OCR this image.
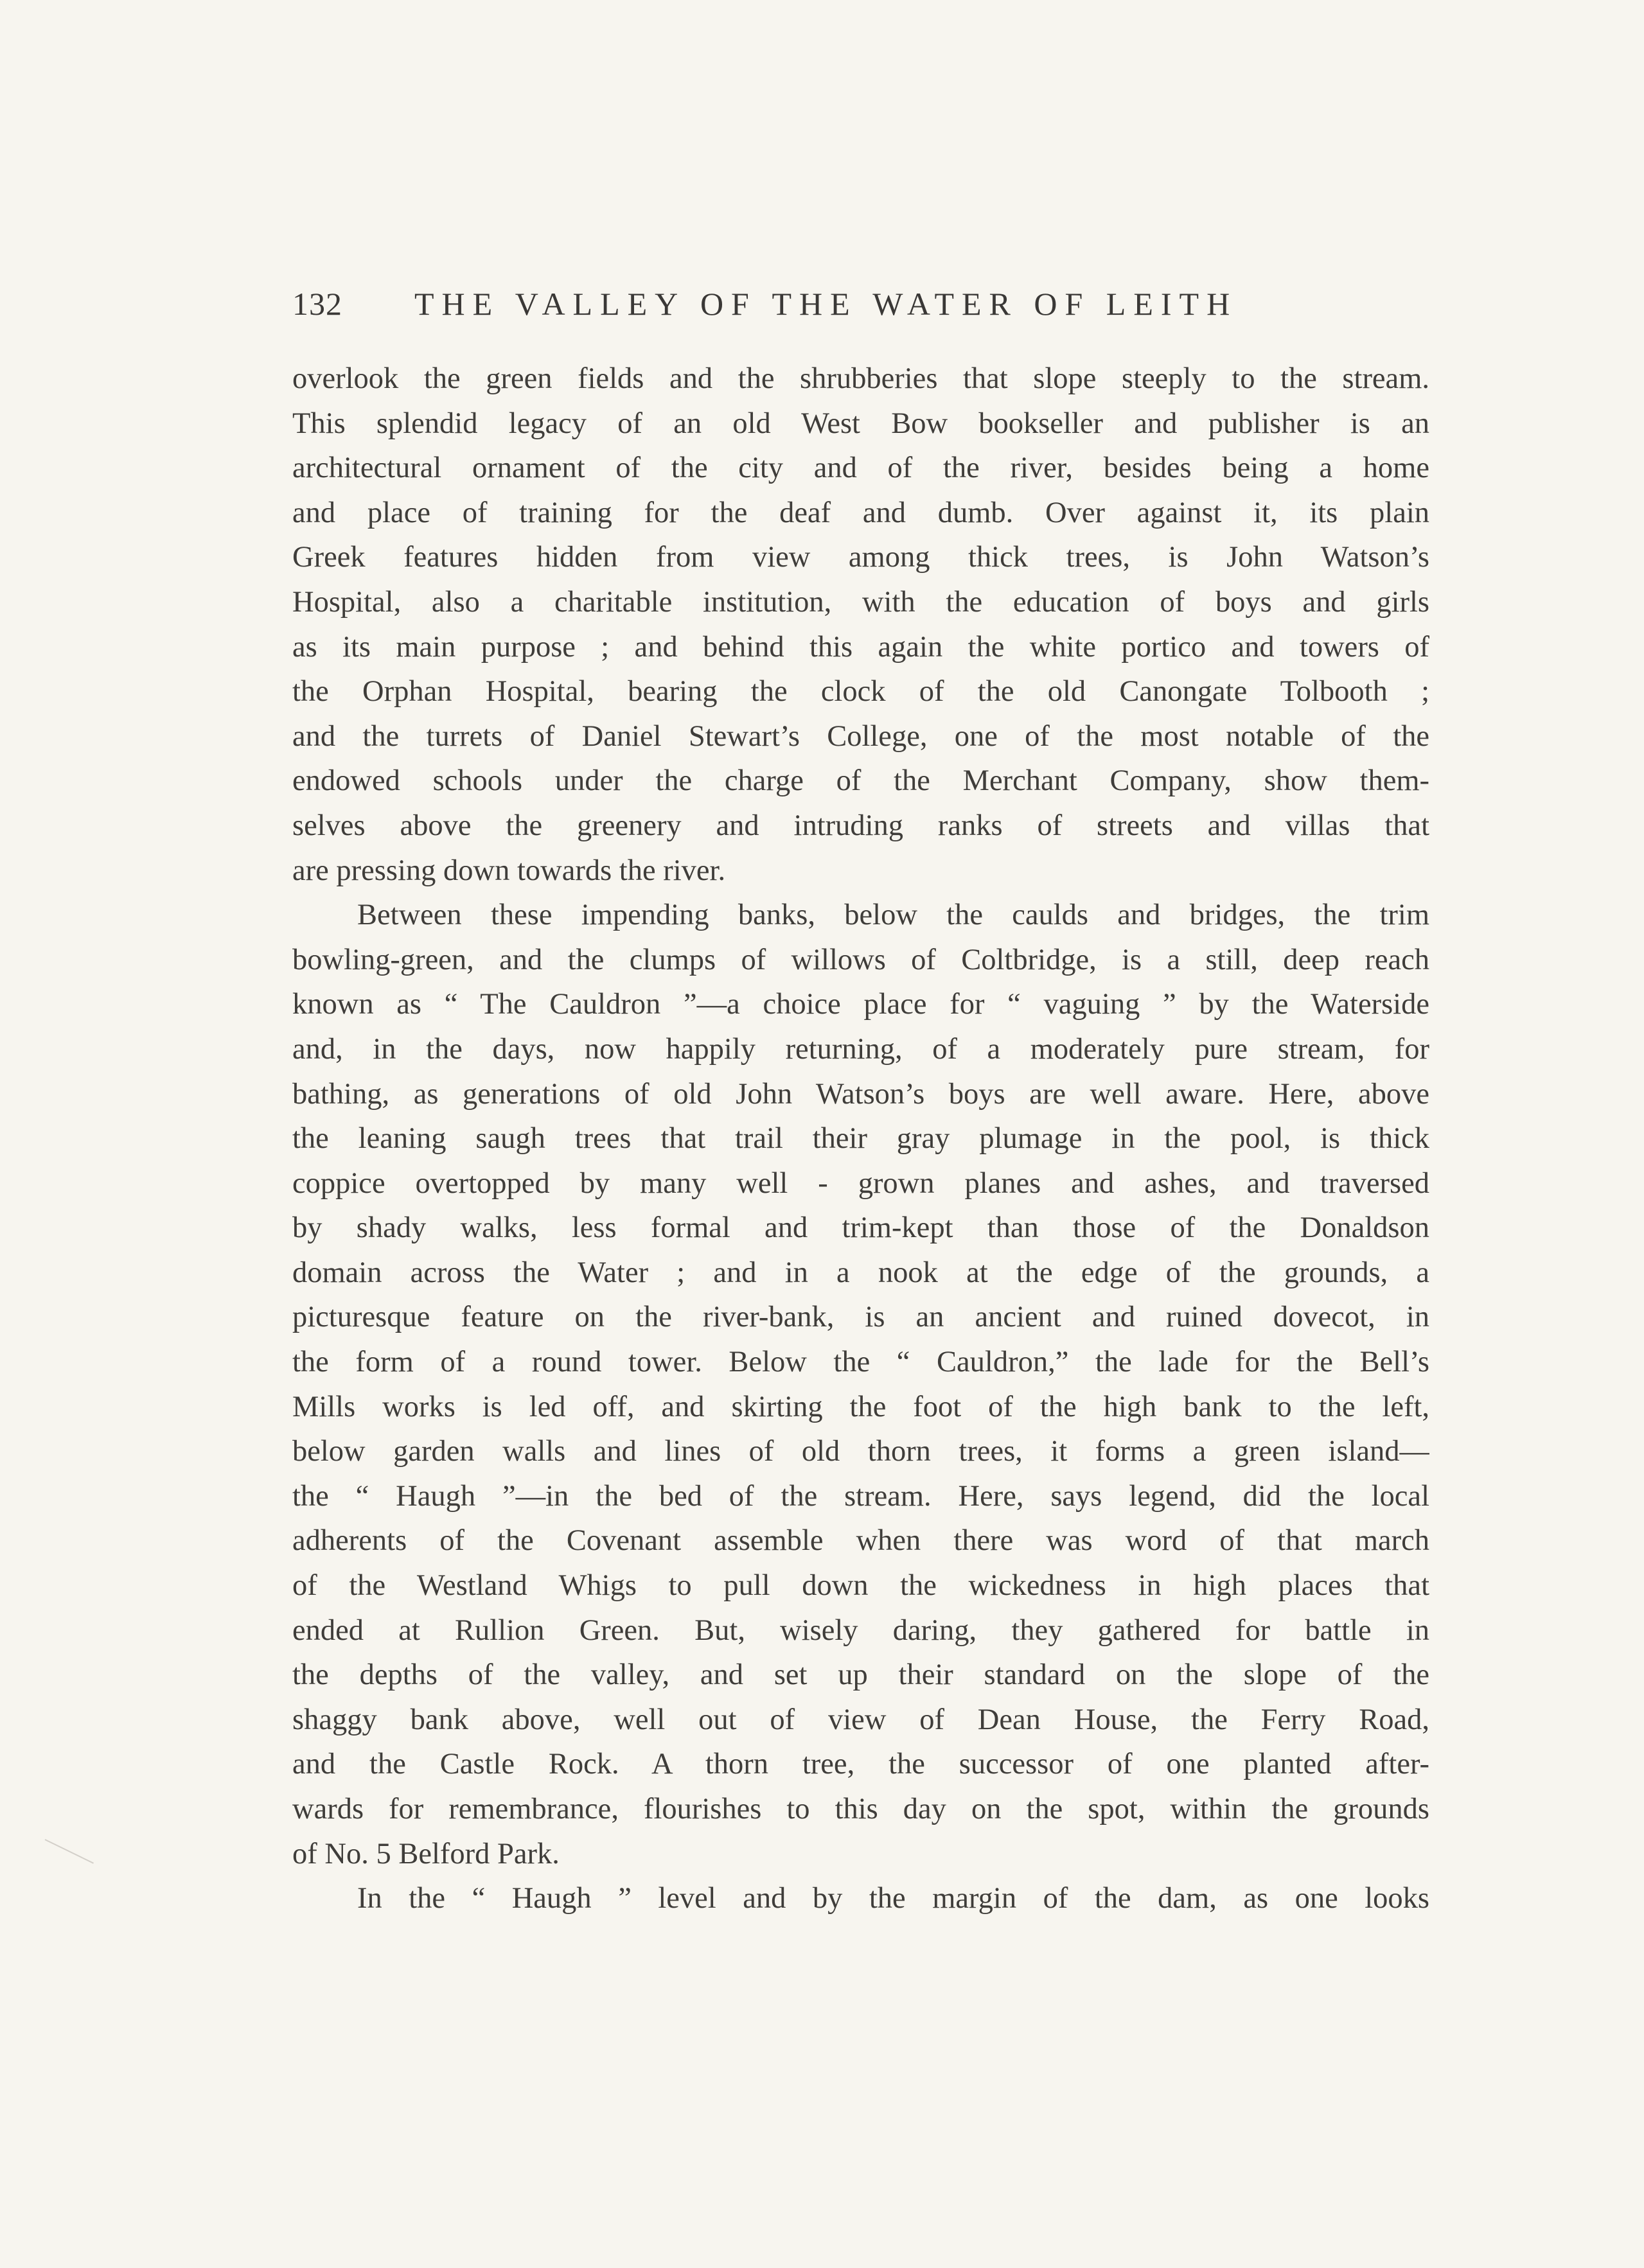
132 THE VALLEY OF THE WATER OF LEITH
overlook the green fields and the shrubberies that slope steeply to the stream.
This splendid legacy of an old West Bow bookseller and publisher is an
architectural ornament of the city and of the river, besides being a home
and place of training for the deaf and dumb. Over against it, its plain
Greek features hidden from view among thick trees, is John Watson’s
Hospital, also a charitable institution, with the education of boys and girls
as its main purpose ; and behind this again the white portico and towers of
the Orphan Hospital, bearing the clock of the old Canongate Tolbooth ;
and the turrets of Daniel Stewart’s College, one of the most notable of the
endowed schools under the charge of the Merchant Company, show them-
selves above the greenery and intruding ranks of streets and villas that
are pressing down towards the river.
Between these impending banks, below the caulds and bridges, the trim
bowling-green, and the clumps of willows of Coltbridge, is a still, deep reach
known as “ The Cauldron ”—a choice place for “ vaguing ” by the Waterside
and, in the days, now happily returning, of a moderately pure stream, for
bathing, as generations of old John Watson’s boys are well aware. Here, above
the leaning saugh trees that trail their gray plumage in the pool, is thick
coppice overtopped by many well - grown planes and ashes, and traversed
by shady walks, less formal and trim-kept than those of the Donaldson
domain across the Water ; and in a nook at the edge of the grounds, a
picturesque feature on the river-bank, is an ancient and ruined dovecot, in
the form of a round tower. Below the “ Cauldron,” the lade for the Bell’s
Mills works is led off, and skirting the foot of the high bank to the left,
below garden walls and lines of old thorn trees, it forms a green island—
the “ Haugh ”—in the bed of the stream. Here, says legend, did the local
adherents of the Covenant assemble when there was word of that march
of the Westland Whigs to pull down the wickedness in high places that
ended at Rullion Green. But, wisely daring, they gathered for battle in
the depths of the valley, and set up their standard on the slope of the
shaggy bank above, well out of view of Dean House, the Ferry Road,
and the Castle Rock. A thorn tree, the successor of one planted after-
wards for remembrance, flourishes to this day on the spot, within the grounds
of No. 5 Belford Park.
In the “ Haugh ” level and by the margin of the dam, as one looks
